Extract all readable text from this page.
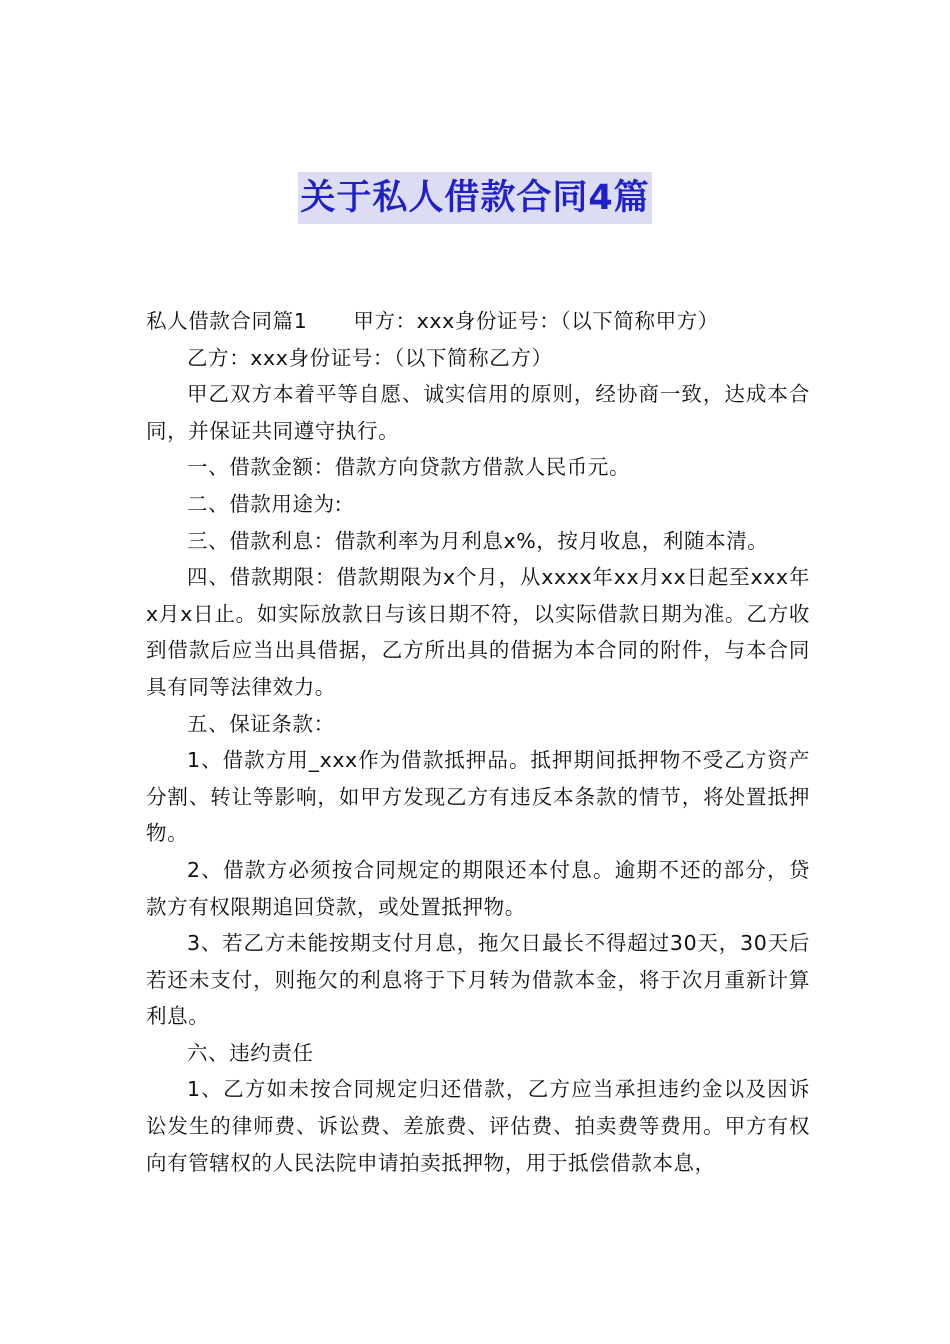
关于私人借款合同4篇

私人借款合同篇1 甲方：xxx身份证号：（以下简称甲方）

乙方：xxx身份证号：（以下简称乙方）

甲乙双方本着平等自愿、诚实信用的原则，经协商一致，达成本合同，并保证共同遵守执行。

一、借款金额：借款方向贷款方借款人民币元。

二、借款用途为:

三、借款利息：借款利率为月利息x%，按月收息，利随本清。

四、借款期限：借款期限为x个月，从xxxx年xx月xx日起至xxx年x月x日止。如实际放款日与该日期不符，以实际借款日期为准。乙方收到借款后应当出具借据，乙方所出具的借据为本合同的附件，与本合同具有同等法律效力。

五、保证条款：

1、借款方用_xxx作为借款抵押品。抵押期间抵押物不受乙方资产分割、转让等影响，如甲方发现乙方有违反本条款的情节，将处置抵押物。

2、借款方必须按合同规定的期限还本付息。逾期不还的部分，贷款方有权限期追回贷款，或处置抵押物。

3、若乙方未能按期支付月息，拖欠日最长不得超过30天，30天后若还未支付，则拖欠的利息将于下月转为借款本金，将于次月重新计算利息。

六、违约责任

1、乙方如未按合同规定归还借款，乙方应当承担违约金以及因诉讼发生的律师费、诉讼费、差旅费、评估费、拍卖费等费用。甲方有权向有管辖权的人民法院申请拍卖抵押物，用于抵偿借款本息，
